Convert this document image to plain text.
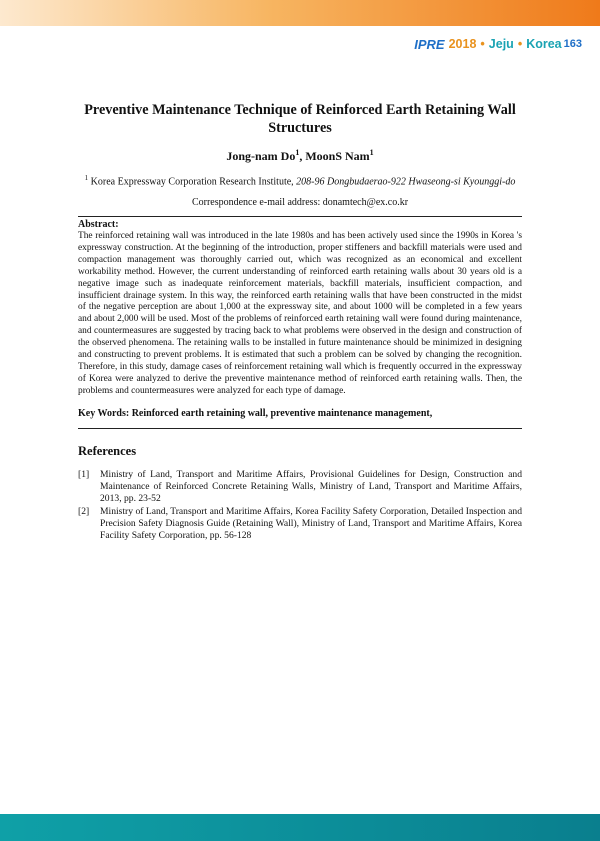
IPRE 2018 • Jeju • Korea 163
Preventive Maintenance Technique of Reinforced Earth Retaining Wall Structures
Jong-nam Do$^1$, MoonS Nam$^1$
$^1$ Korea Expressway Corporation Research Institute, 208-96 Dongbudaerao-922 Hwaseong-si Kyounggi-do
Correspondence e-mail address: donamtech@ex.co.kr
Abstract:
The reinforced retaining wall was introduced in the late 1980s and has been actively used since the 1990s in Korea 's expressway construction. At the beginning of the introduction, proper stiffeners and backfill materials were used and compaction management was thoroughly carried out, which was recognized as an economical and excellent workability method. However, the current understanding of reinforced earth retaining walls about 30 years old is a negative image such as inadequate reinforcement materials, backfill materials, insufficient compaction, and insufficient drainage system. In this way, the reinforced earth retaining walls that have been constructed in the midst of the negative perception are about 1,000 at the expressway site, and about 1000 will be completed in a few years and about 2,000 will be used. Most of the problems of reinforced earth retaining wall were found during maintenance, and countermeasures are suggested by tracing back to what problems were observed in the design and construction of the observed phenomena. The retaining walls to be installed in future maintenance should be minimized in designing and constructing to prevent problems. It is estimated that such a problem can be solved by changing the recognition. Therefore, in this study, damage cases of reinforcement retaining wall which is frequently occurred in the expressway of Korea were analyzed to derive the preventive maintenance method of reinforced earth retaining walls. Then, the problems and countermeasures were analyzed for each type of damage.
Key Words: Reinforced earth retaining wall, preventive maintenance management,
References
[1]	Ministry of Land, Transport and Maritime Affairs, Provisional Guidelines for Design, Construction and Maintenance of Reinforced Concrete Retaining Walls, Ministry of Land, Transport and Maritime Affairs, 2013, pp. 23-52
[2]	Ministry of Land, Transport and Maritime Affairs, Korea Facility Safety Corporation, Detailed Inspection and Precision Safety Diagnosis Guide (Retaining Wall), Ministry of Land, Transport and Maritime Affairs, Korea Facility Safety Corporation, pp. 56-128
